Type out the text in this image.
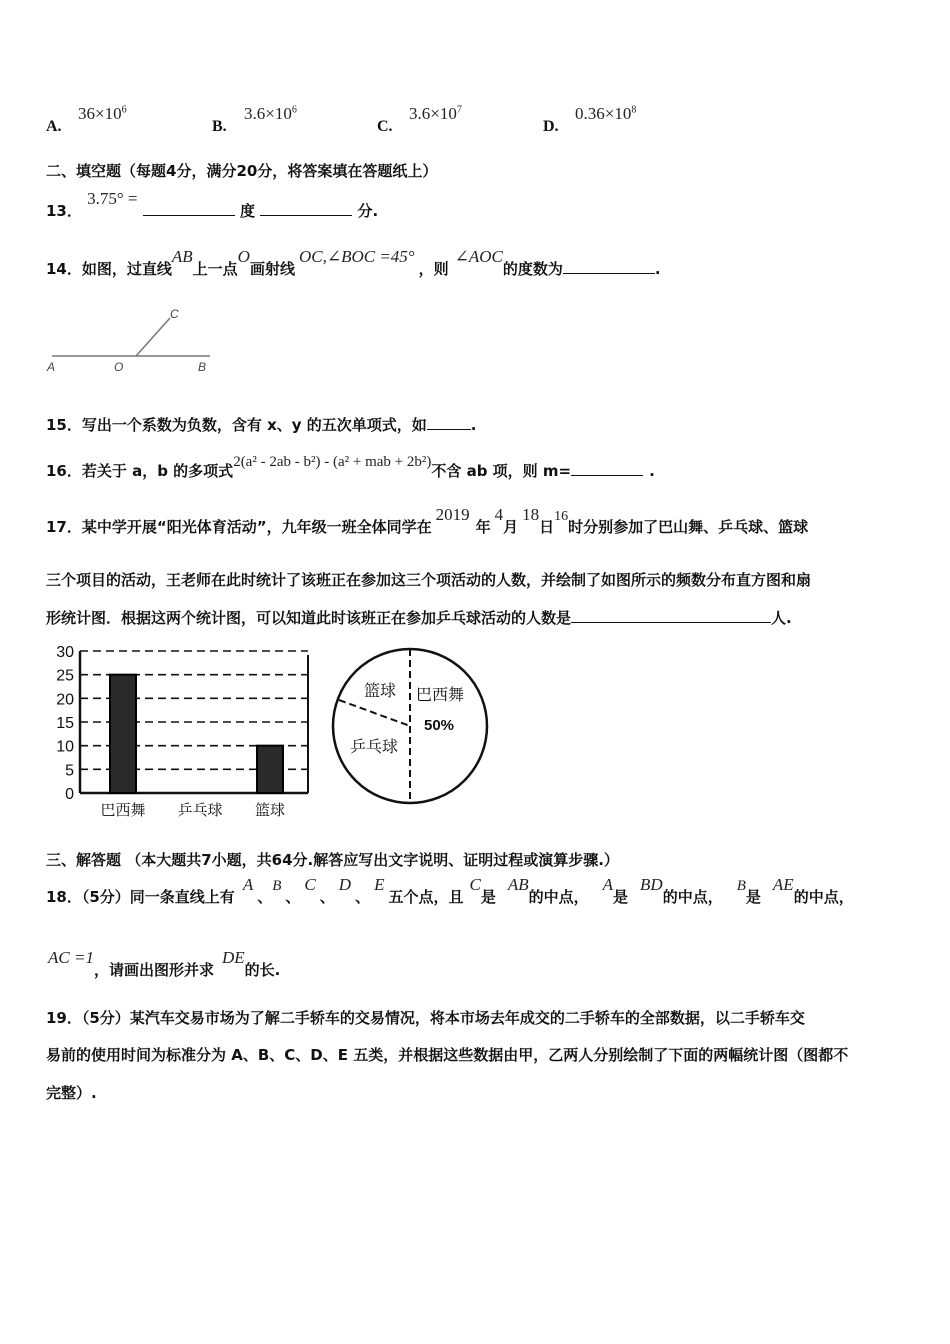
A.
$36\times 10^6$
B.
$3.6\times 10^6$
C.
$3.6\times 10^7$
D.
$0.36\times 10^8$
二、填空题（每题4分，满分20分，将答案填在答题纸上）
13． 3.75° =  度	分.
14．如图，过直线AB上一点O画射线OC,∠BOC =45°，则∠AOC的度数为	.
A	O	B
C
15．写出一个系数为负数，含有 x、y 的五次单项式，如	.
16．若关于 a，b 的多项式2(a² - 2ab - b²) - (a² + mab + 2b²)不含 ab 项，则 m=	.
17．某中学开展“阳光体育活动”，九年级一班全体同学在2019年4月18日16时分别参加了巴山舞、乒乓球、篮球
三个项目的活动，王老师在此时统计了该班正在参加这三个项活动的人数，并绘制了如图所示的频数分布直方图和扇
形统计图．根据这两个统计图，可以知道此时该班正在参加乒乓球活动的人数是	人.
0
5
10
15
20
25
30
巴西舞 乒乓球 篮球
篮球 巴西舞
50%
乒乓球
三、解答题 （本大题共7小题，共64分.解答应写出文字说明、证明过程或演算步骤.）
18．（5分）同一条直线上有A、B、C、D、E五个点，且C是AB的中点，A是BD的中点，B是AE的中点，
AC =1，请画出图形并求DE的长.
19．（5分）某汽车交易市场为了解二手轿车的交易情况，将本市场去年成交的二手轿车的全部数据，以二手轿车交
易前的使用时间为标准分为 A、B、C、D、E 五类，并根据这些数据由甲，乙两人分别绘制了下面的两幅统计图（图都不
完整）.
